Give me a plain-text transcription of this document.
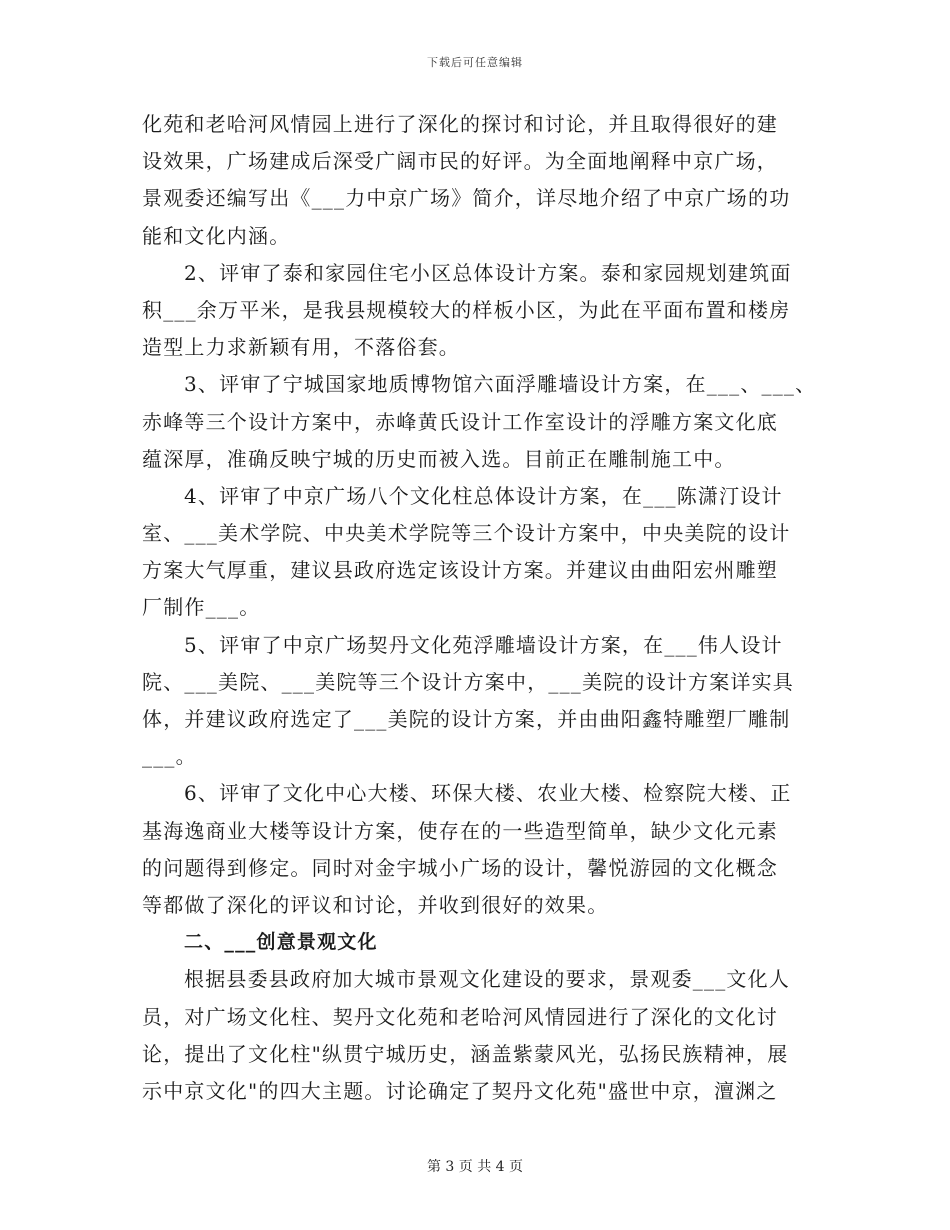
下载后可任意编辑
化苑和老哈河风情园上进行了深化的探讨和讨论，并且取得很好的建
设效果，广场建成后深受广阔市民的好评。为全面地阐释中京广场，
景观委还编写出《___力中京广场》简介，详尽地介绍了中京广场的功
能和文化内涵。
2、评审了泰和家园住宅小区总体设计方案。泰和家园规划建筑面
积___余万平米，是我县规模较大的样板小区，为此在平面布置和楼房
造型上力求新颖有用，不落俗套。
3、评审了宁城国家地质博物馆六面浮雕墙设计方案，在___、___、
赤峰等三个设计方案中，赤峰黄氏设计工作室设计的浮雕方案文化底
蕴深厚，准确反映宁城的历史而被入选。目前正在雕制施工中。
4、评审了中京广场八个文化柱总体设计方案，在___陈潇汀设计
室、___美术学院、中央美术学院等三个设计方案中，中央美院的设计
方案大气厚重，建议县政府选定该设计方案。并建议由曲阳宏州雕塑
厂制作___。
5、评审了中京广场契丹文化苑浮雕墙设计方案，在___伟人设计
院、___美院、___美院等三个设计方案中，___美院的设计方案详实具
体，并建议政府选定了___美院的设计方案，并由曲阳鑫特雕塑厂雕制
___。
6、评审了文化中心大楼、环保大楼、农业大楼、检察院大楼、正
基海逸商业大楼等设计方案，使存在的一些造型简单，缺少文化元素
的问题得到修定。同时对金宇城小广场的设计，馨悦游园的文化概念
等都做了深化的评议和讨论，并收到很好的效果。
二、___创意景观文化
根据县委县政府加大城市景观文化建设的要求，景观委___文化人
员，对广场文化柱、契丹文化苑和老哈河风情园进行了深化的文化讨
论，提出了文化柱"纵贯宁城历史，涵盖紫蒙风光，弘扬民族精神，展
示中京文化"的四大主题。讨论确定了契丹文化苑"盛世中京，澶渊之
第 3 页 共 4 页
